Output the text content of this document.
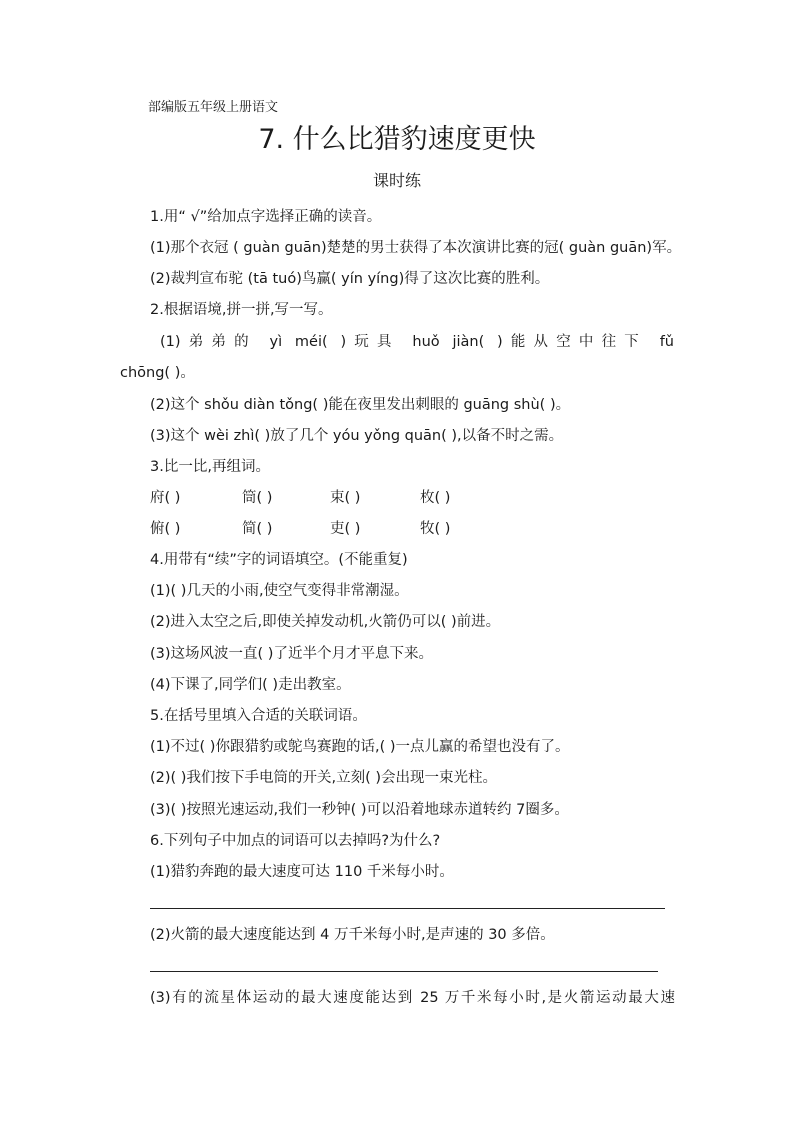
部编版五年级上册语文
7. 什么比猎豹速度更快
课时练
1.用“ √”给加点字选择正确的读音。
(1)那个衣冠 ( guàn guān)楚楚的男士获得了本次演讲比赛的冠( guàn guān)军。
(2)裁判宣布驼 (tā tuó)鸟赢( yín yíng)得了这次比赛的胜利。
2.根据语境,拼一拼,写一写。
(1)弟弟的 yì méi( )玩具 huǒ jiàn( )能从空中往下 fǔ
chōng( )。
(2)这个 shǒu diàn tǒng( )能在夜里发出刺眼的 guāng shù( )。
(3)这个 wèi zhì( )放了几个 yóu yǒng quān( ),以备不时之需。
3.比一比,再组词。
府( )	筒( )	束( )	枚( )
俯( )	简( )	吏( )	牧( )
4.用带有“续”字的词语填空。(不能重复)
(1)( )几天的小雨,使空气变得非常潮湿。
(2)进入太空之后,即使关掉发动机,火箭仍可以( )前进。
(3)这场风波一直( )了近半个月才平息下来。
(4)下课了,同学们( )走出教室。
5.在括号里填入合适的关联词语。
(1)不过( )你跟猎豹或鸵鸟赛跑的话,( )一点儿赢的希望也没有了。
(2)( )我们按下手电筒的开关,立刻( )会出现一束光柱。
(3)( )按照光速运动,我们一秒钟( )可以沿着地球赤道转约 7圈多。
6.下列句子中加点的词语可以去掉吗?为什么?
(1)猎豹奔跑的最大速度可达 110 千米每小时。
(2)火箭的最大速度能达到 4 万千米每小时,是声速的 30 多倍。
(3)有的流星体运动的最大速度能达到 25 万千米每小时,是火箭运动最大速
